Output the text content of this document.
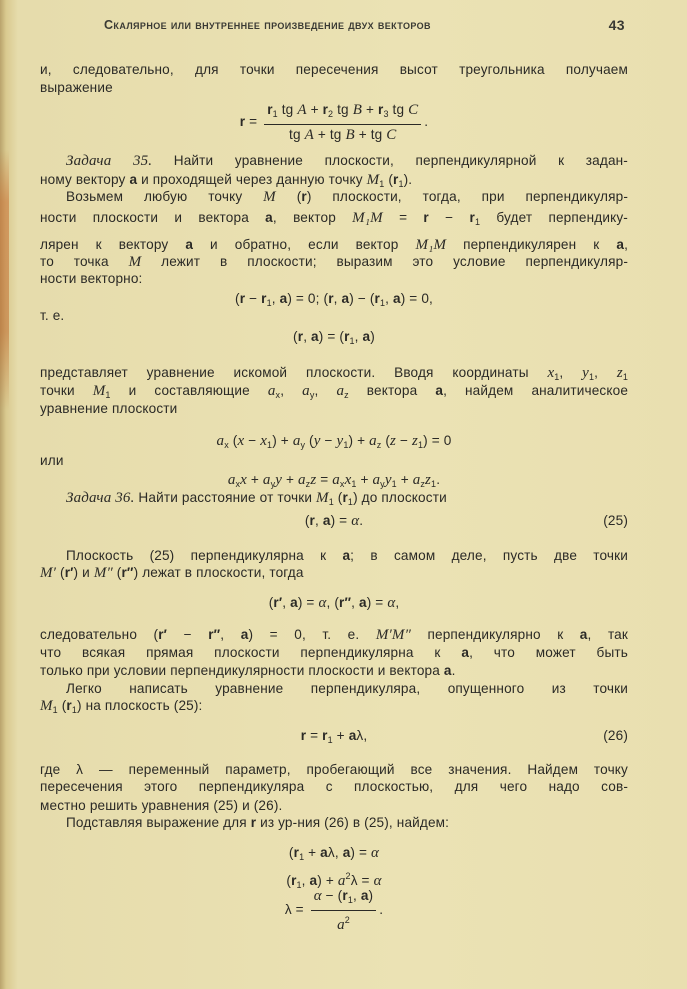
Скалярное или внутреннее произведение двух векторов	43
и, следовательно, для точки пересечения высот треугольника получаем
выражение
$r = \frac{r_1 tg A + r_2 tg B + r_3 tg C}{\text{tg A + tg B + tg C}}$ .
Задача 35. Найти уравнение плоскости, перпендикулярной к задан-
ному вектору a и проходящей через данную точку $M_1$ $(r_1)$.
Возьмем любую точку M (r) плоскости, тогда, при перпендикуляр-
ности плоскости и вектора a, вектор $M_1M = r - r_1$ будет перпендику-
лярен к вектору a и обратно, если вектор M₁M перпендикулярен к a,
то точка M лежит в плоскости; выразим это условие перпендикуляр-
ности векторно:
($r - r_1$, a) = 0; (r, $a) - (r_1$, a) = 0,
т. е.
(r, $a) = (r_1$, a)
представляет уравнение искомой плоскости. Вводя координаты $x_1$, $y_1$, $z_1$
точки $M_1$ и составляющие $a_x$, $a_y$, $a_z$ вектора a, найдем аналитическое
уравнение плоскости
$a_x$ $(x - x_1) + a_y$ $(y - y_1) + a_z$ $(z - z_1) = 0$
или
$a_xx + a_yy + a_zz = a_xx_1 + a_yy_1 + a_zz_1$.
Задача 36. Найти расстояние от точки $M_1$ $(r_1)$ до плоскости
(r, a) = α.	(25)
Плоскость (25) перпендикулярна к a; в самом деле, пусть две точки
M′ (r′) и M″ (r″) лежат в плоскости, тогда
(r′, a) = α, (r″, a) = α,
следовательно (r′ − r″, a) = 0, т. е. M′M″ перпендикулярно к a, так
что всякая прямая плоскости перпендикулярна к a, что может быть
только при условии перпендикулярности плоскости и вектора a.
Легко написать уравнение перпендикуляра, опущенного из точки
$M_1$ $(r_1)$ на плоскость (25):
$r = r_1 + a\lambda$,	(26)
где λ — переменный параметр, пробегающий все значения. Найдем точку
пересечения этого перпендикуляра с плоскостью, для чего надо сов-
местно решить уравнения (25) и (26).
Подставляя выражение для r из ур-ния (26) в (25), найдем:
($r_1 + a\lambda$, a) = α
($r_1$, $a) + a^2\lambda = \alpha$
$\lambda = \frac{\alpha - (r_1, a)}{a^2}$ .
